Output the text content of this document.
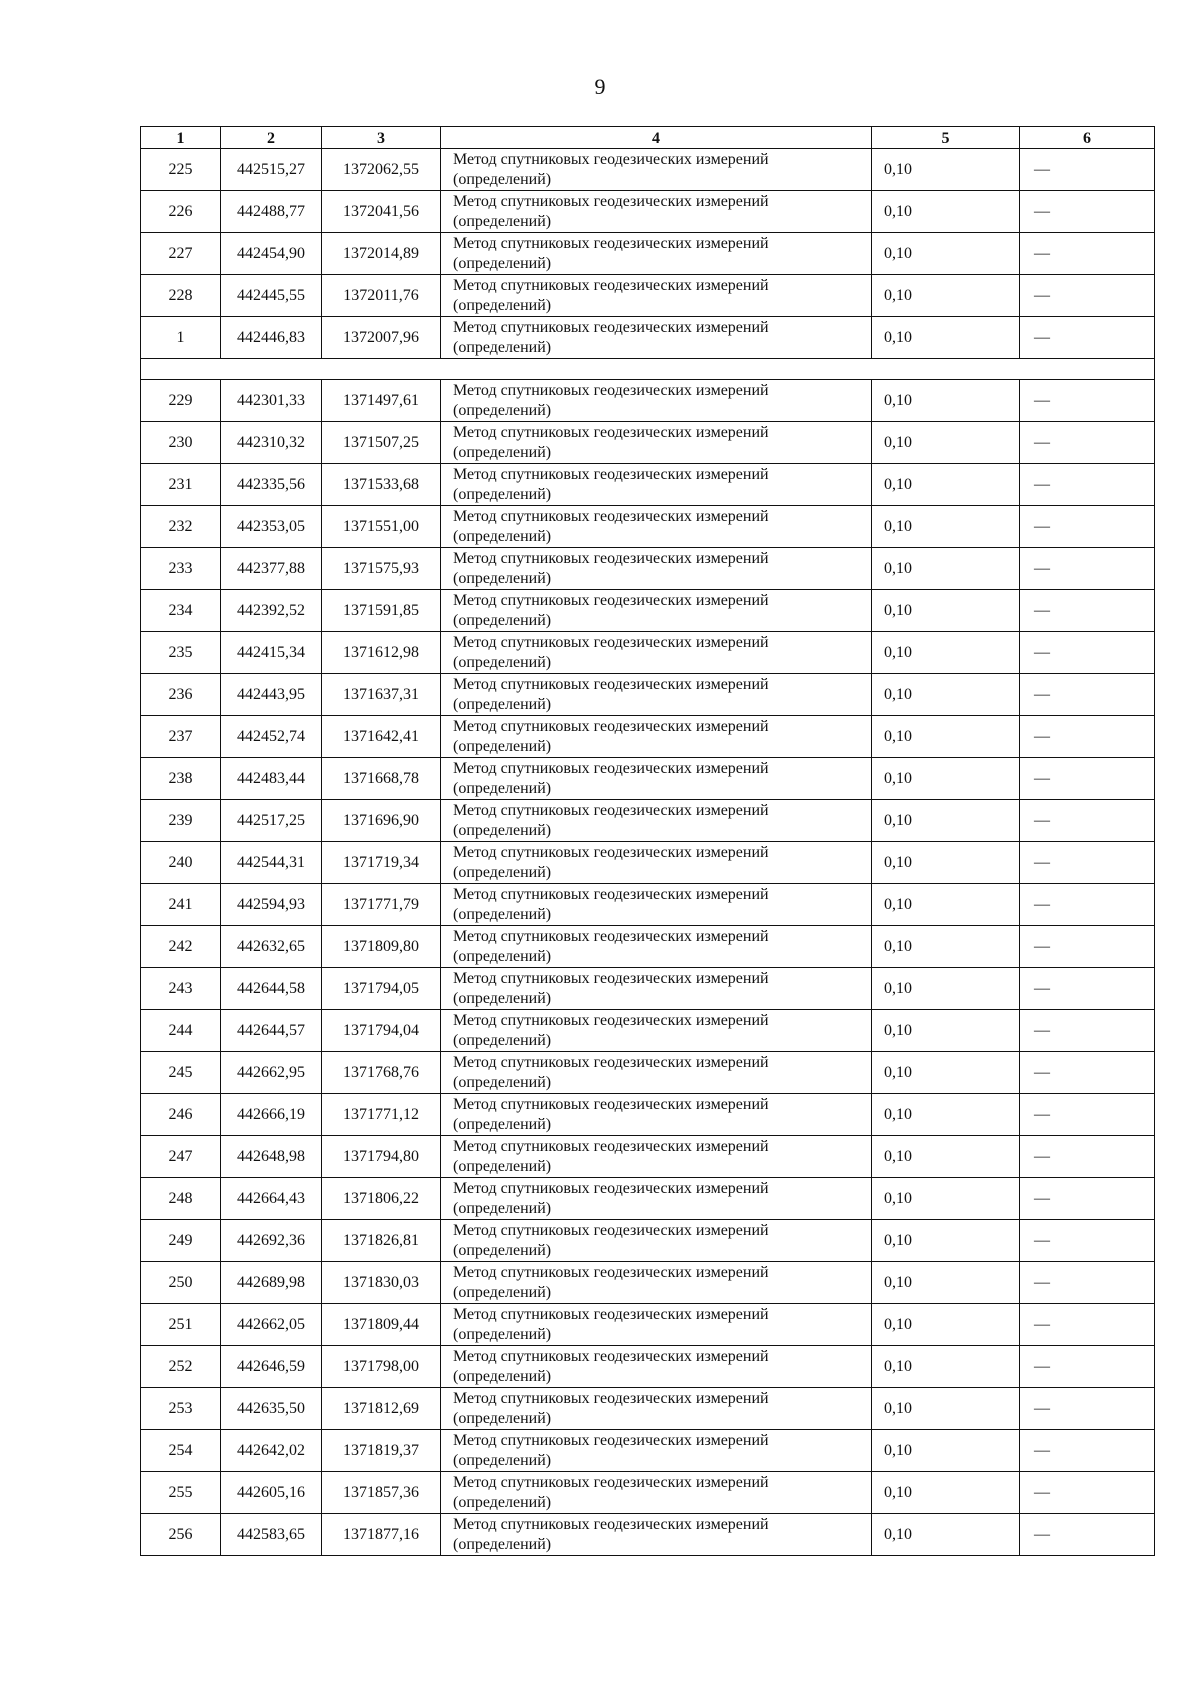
9
1	2	3	4	5	6
225	442515,27	1372062,55	Метод спутниковых геодезических измерений
(определений)	0,10	—
226	442488,77	1372041,56	Метод спутниковых геодезических измерений
(определений)	0,10	—
227	442454,90	1372014,89	Метод спутниковых геодезических измерений
(определений)	0,10	—
228	442445,55	1372011,76	Метод спутниковых геодезических измерений
(определений)	0,10	—
1	442446,83	1372007,96	Метод спутниковых геодезических измерений
(определений)	0,10	—

229	442301,33	1371497,61	Метод спутниковых геодезических измерений
(определений)	0,10	—
230	442310,32	1371507,25	Метод спутниковых геодезических измерений
(определений)	0,10	—
231	442335,56	1371533,68	Метод спутниковых геодезических измерений
(определений)	0,10	—
232	442353,05	1371551,00	Метод спутниковых геодезических измерений
(определений)	0,10	—
233	442377,88	1371575,93	Метод спутниковых геодезических измерений
(определений)	0,10	—
234	442392,52	1371591,85	Метод спутниковых геодезических измерений
(определений)	0,10	—
235	442415,34	1371612,98	Метод спутниковых геодезических измерений
(определений)	0,10	—
236	442443,95	1371637,31	Метод спутниковых геодезических измерений
(определений)	0,10	—
237	442452,74	1371642,41	Метод спутниковых геодезических измерений
(определений)	0,10	—
238	442483,44	1371668,78	Метод спутниковых геодезических измерений
(определений)	0,10	—
239	442517,25	1371696,90	Метод спутниковых геодезических измерений
(определений)	0,10	—
240	442544,31	1371719,34	Метод спутниковых геодезических измерений
(определений)	0,10	—
241	442594,93	1371771,79	Метод спутниковых геодезических измерений
(определений)	0,10	—
242	442632,65	1371809,80	Метод спутниковых геодезических измерений
(определений)	0,10	—
243	442644,58	1371794,05	Метод спутниковых геодезических измерений
(определений)	0,10	—
244	442644,57	1371794,04	Метод спутниковых геодезических измерений
(определений)	0,10	—
245	442662,95	1371768,76	Метод спутниковых геодезических измерений
(определений)	0,10	—
246	442666,19	1371771,12	Метод спутниковых геодезических измерений
(определений)	0,10	—
247	442648,98	1371794,80	Метод спутниковых геодезических измерений
(определений)	0,10	—
248	442664,43	1371806,22	Метод спутниковых геодезических измерений
(определений)	0,10	—
249	442692,36	1371826,81	Метод спутниковых геодезических измерений
(определений)	0,10	—
250	442689,98	1371830,03	Метод спутниковых геодезических измерений
(определений)	0,10	—
251	442662,05	1371809,44	Метод спутниковых геодезических измерений
(определений)	0,10	—
252	442646,59	1371798,00	Метод спутниковых геодезических измерений
(определений)	0,10	—
253	442635,50	1371812,69	Метод спутниковых геодезических измерений
(определений)	0,10	—
254	442642,02	1371819,37	Метод спутниковых геодезических измерений
(определений)	0,10	—
255	442605,16	1371857,36	Метод спутниковых геодезических измерений
(определений)	0,10	—
256	442583,65	1371877,16	Метод спутниковых геодезических измерений
(определений)	0,10	—
